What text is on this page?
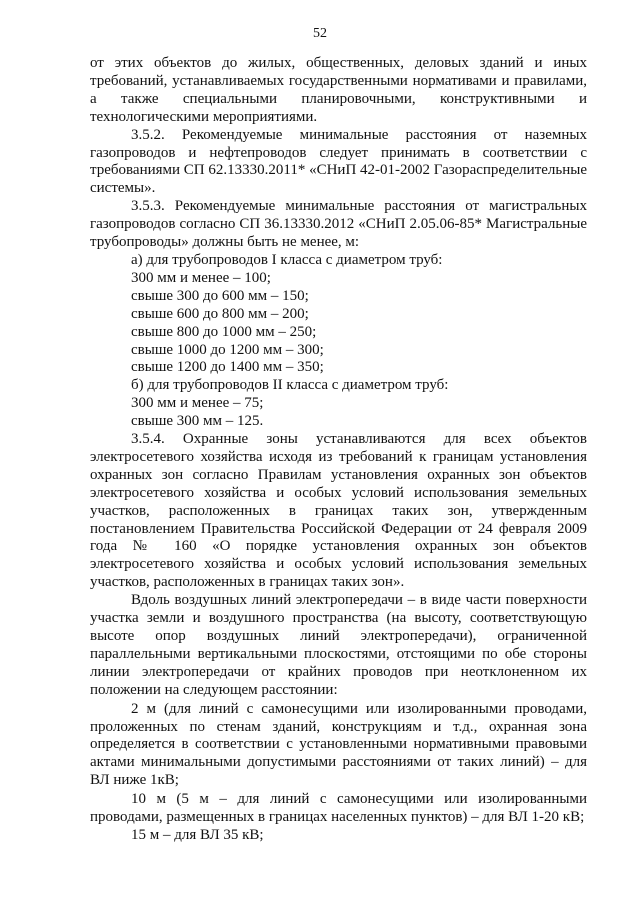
52

от этих объектов до жилых, общественных, деловых зданий и иных требований, устанавливаемых государственными нормативами и правилами, а также специальными планировочными, конструктивными и технологическими мероприятиями.

3.5.2. Рекомендуемые минимальные расстояния от наземных газопроводов и нефтепроводов следует принимать в соответствии с требованиями СП 62.13330.2011* «СНиП 42-01-2002 Газораспределительные системы».

3.5.3. Рекомендуемые минимальные расстояния от магистральных газопроводов согласно СП 36.13330.2012 «СНиП 2.05.06-85* Магистральные трубопроводы» должны быть не менее, м:

а) для трубопроводов I класса с диаметром труб:

300 мм и менее – 100;

свыше 300 до 600 мм – 150;

свыше 600 до 800 мм – 200;

свыше 800 до 1000 мм – 250;

свыше 1000 до 1200 мм – 300;

свыше 1200 до 1400 мм – 350;

б) для трубопроводов II класса с диаметром труб:

300 мм и менее – 75;

свыше 300 мм – 125.

3.5.4. Охранные зоны устанавливаются для всех объектов электросетевого хозяйства исходя из требований к границам установления охранных зон согласно Правилам установления охранных зон объектов электросетевого хозяйства и особых условий использования земельных участков, расположенных в границах таких зон, утвержденным постановлением Правительства Российской Федерации от 24 февраля 2009 года № 160 «О порядке установления охранных зон объектов электросетевого хозяйства и особых условий использования земельных участков, расположенных в границах таких зон».

Вдоль воздушных линий электропередачи – в виде части поверхности участка земли и воздушного пространства (на высоту, соответствующую высоте опор воздушных линий электропередачи), ограниченной параллельными вертикальными плоскостями, отстоящими по обе стороны линии электропередачи от крайних проводов при неотклоненном их положении на следующем расстоянии:

2 м (для линий с самонесущими или изолированными проводами, проложенных по стенам зданий, конструкциям и т.д., охранная зона определяется в соответствии с установленными нормативными правовыми актами минимальными допустимыми расстояниями от таких линий) – для ВЛ ниже 1кВ;

10 м (5 м – для линий с самонесущими или изолированными проводами, размещенных в границах населенных пунктов) – для ВЛ 1-20 кВ;

15 м – для ВЛ 35 кВ;
